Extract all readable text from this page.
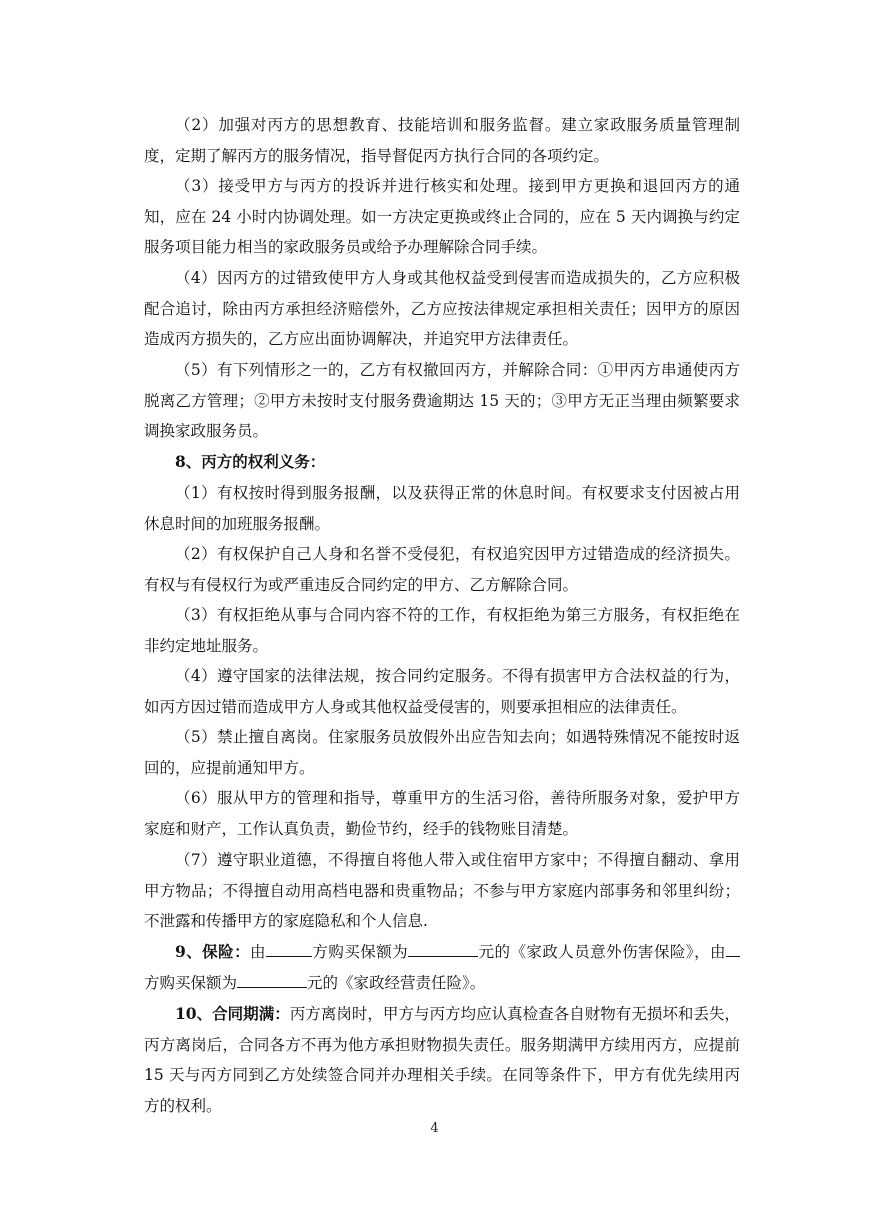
（2）加强对丙方的思想教育、技能培训和服务监督。建立家政服务质量管理制度，定期了解丙方的服务情况，指导督促丙方执行合同的各项约定。

（3）接受甲方与丙方的投诉并进行核实和处理。接到甲方更换和退回丙方的通知，应在 24 小时内协调处理。如一方决定更换或终止合同的，应在 5 天内调换与约定服务项目能力相当的家政服务员或给予办理解除合同手续。

（4）因丙方的过错致使甲方人身或其他权益受到侵害而造成损失的，乙方应积极配合追讨，除由丙方承担经济赔偿外，乙方应按法律规定承担相关责任；因甲方的原因造成丙方损失的，乙方应出面协调解决，并追究甲方法律责任。

（5）有下列情形之一的，乙方有权撤回丙方，并解除合同：①甲丙方串通使丙方脱离乙方管理；②甲方未按时支付服务费逾期达 15 天的；③甲方无正当理由频繁要求调换家政服务员。

8、丙方的权利义务：

（1）有权按时得到服务报酬，以及获得正常的休息时间。有权要求支付因被占用休息时间的加班服务报酬。

（2）有权保护自己人身和名誉不受侵犯，有权追究因甲方过错造成的经济损失。有权与有侵权行为或严重违反合同约定的甲方、乙方解除合同。

（3）有权拒绝从事与合同内容不符的工作，有权拒绝为第三方服务，有权拒绝在非约定地址服务。

（4）遵守国家的法律法规，按合同约定服务。不得有损害甲方合法权益的行为，如丙方因过错而造成甲方人身或其他权益受侵害的，则要承担相应的法律责任。

（5）禁止擅自离岗。住家服务员放假外出应告知去向；如遇特殊情况不能按时返回的，应提前通知甲方。

（6）服从甲方的管理和指导，尊重甲方的生活习俗，善待所服务对象，爱护甲方家庭和财产，工作认真负责，勤俭节约，经手的钱物账目清楚。

（7）遵守职业道德，不得擅自将他人带入或住宿甲方家中；不得擅自翻动、拿用甲方物品；不得擅自动用高档电器和贵重物品；不参与甲方家庭内部事务和邻里纠纷；不泄露和传播甲方的家庭隐私和个人信息.

9、保险：由	方购买保额为	元的《家政人员意外伤害保险》，由方购买保额为	元的《家政经营责任险》。

10、合同期满：丙方离岗时，甲方与丙方均应认真检查各自财物有无损坏和丢失，丙方离岗后，合同各方不再为他方承担财物损失责任。服务期满甲方续用丙方，应提前 15 天与丙方同到乙方处续签合同并办理相关手续。在同等条件下，甲方有优先续用丙方的权利。

4
